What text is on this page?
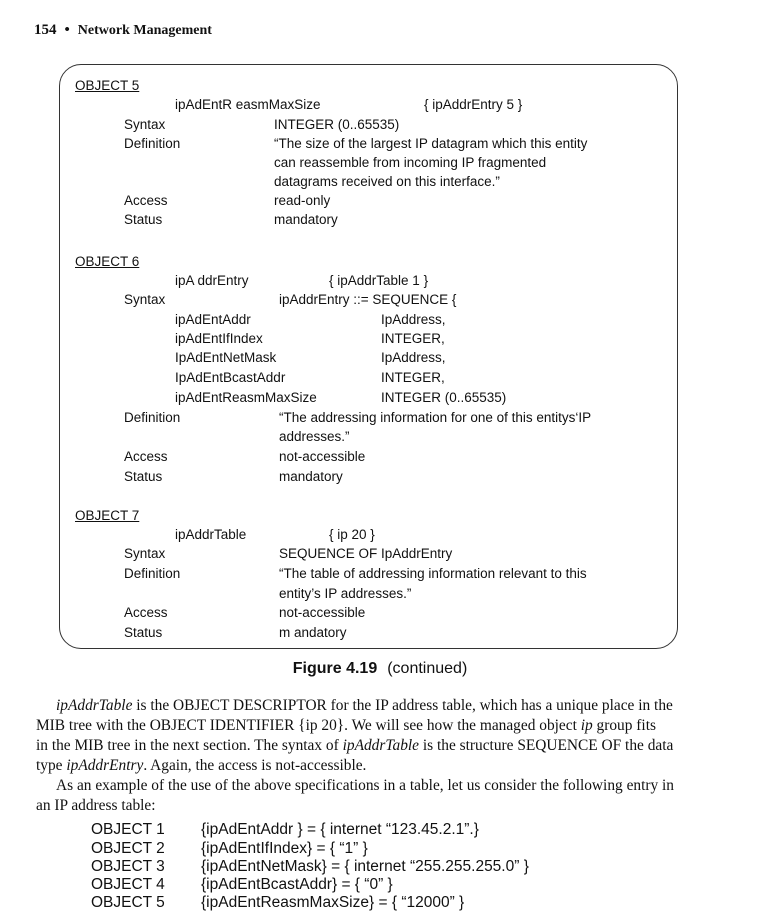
154 • Network Management
OBJECT 5
ipAdEntR easmMaxSize	{ ipAddrEntry 5 }
Syntax	INTEGER (0..65535)
Definition	“The size of the largest IP datagram which this entity
can reassemble from incoming IP fragmented
datagrams received on this interface.”
Access	read-only
Status	mandatory
OBJECT 6
ipA ddrEntry	{ ipAddrTable 1 }
Syntax	ipAddrEntry ::= SEQUENCE {
ipAdEntAddr	IpAddress,
ipAdEntIfIndex	INTEGER,
IpAdEntNetMask	IpAddress,
IpAdEntBcastAddr	INTEGER,
ipAdEntReasmMaxSize	INTEGER (0..65535)
Definition	“The addressing information for one of this entitys‘IP
addresses.”
Access	not-accessible
Status	mandatory
OBJECT 7
ipAddrTable	{ ip 20 }
Syntax	SEQUENCE OF IpAddrEntry
Definition	“The table of addressing information relevant to this
entity’s IP addresses.”
Access	not-accessible
Status	m andatory
Figure 4.19 (continued)
ipAddrTable is the OBJECT DESCRIPTOR for the IP address table, which has a unique place in the
MIB tree with the OBJECT IDENTIFIER {ip 20}. We will see how the managed object ip group fits
in the MIB tree in the next section. The syntax of ipAddrTable is the structure SEQUENCE OF the data
type ipAddrEntry. Again, the access is not-accessible.
As an example of the use of the above specifications in a table, let us consider the following entry in
an IP address table:
OBJECT 1 {ipAdEntAddr } = { internet “123.45.2.1”.}
OBJECT 2 {ipAdEntIfIndex} = { “1” }
OBJECT 3 {ipAdEntNetMask} = { internet “255.255.255.0” }
OBJECT 4 {ipAdEntBcastAddr} = { “0” }
OBJECT 5 {ipAdEntReasmMaxSize} = { “12000” }
